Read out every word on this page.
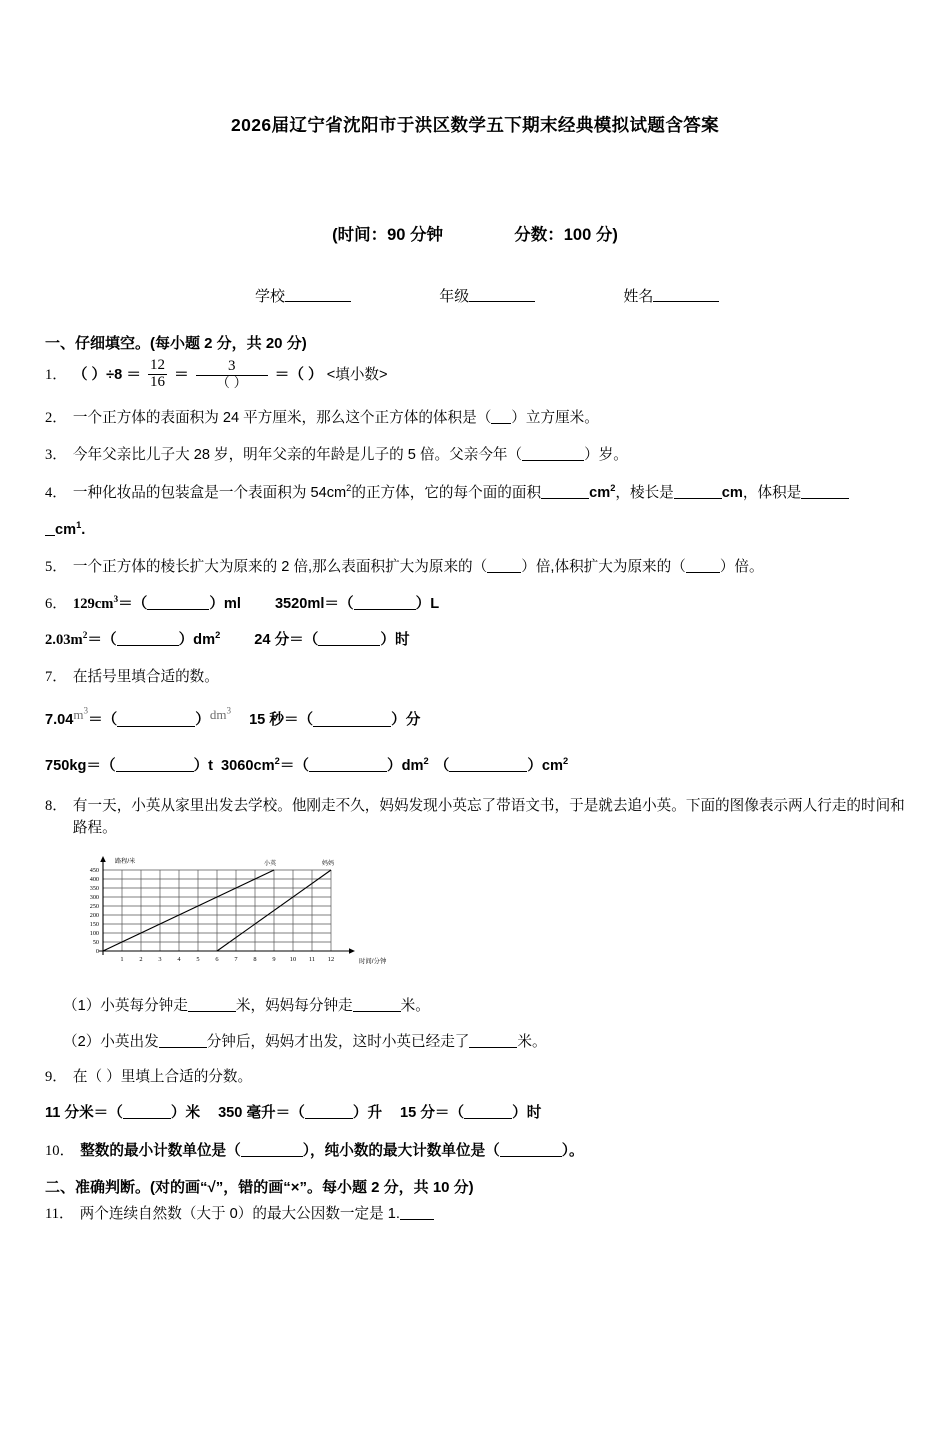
2026届辽宁省沈阳市于洪区数学五下期末经典模拟试题含答案
(时间：90 分钟	分数：100 分)
学校	年级	姓名
一、仔细填空。(每小题 2 分，共 20 分)
1． （ ）$\div 8 = \frac{12}{16} = \frac{3}{( )}$ ＝（ ） <填小数>
2． 一个正方体的表面积为 24 平方厘米，那么这个正方体的体积是（ ）立方厘米。
3． 今年父亲比儿子大 28 岁，明年父亲的年龄是儿子的 5 倍。父亲今年（	）岁。
4． 一种化妆品的包装盒是一个表面积为 $54cm^2$的正方体，它的每个面的面积	$cm^2$，棱长是	cm，体积是
$cm^1$.
5． 一个正方体的棱长扩大为原来的 2 倍,那么表面积扩大为原来的（ ）倍,体积扩大为原来的（ ）倍。
6． $129cm^3=$（	）ml 3520ml＝（	）L
$2.03m^2=$（	）$dm^2$ 24 分＝（	）时
7． 在括号里填合适的数。
$7.04m^3=$（	）$dm^315$ 秒＝（	）分
750kg＝（	）t $3060cm^2=$（	）$dm^2$ （	）$cm^2$
8． 有一天，小英从家里出发去学校。他刚走不久，妈妈发现小英忘了带语文书，于是就去追小英。下面的图像表示两人行走的时间和路程。
0
50
100
150
200
250
300
350
400
450
1 2 3 4 5 6 7 8 9 10 11 12
路程/米
时间/分钟
小英	妈妈
（1）小英每分钟走	米，妈妈每分钟走	米。
（2）小英出发	分钟后，妈妈才出发，这时小英已经走了	米。
9． 在（ ）里填上合适的分数。
11 分米＝（	）米 350 毫升＝（	）升 15 分＝（	）时
10． 整数的最小计数单位是（	），纯小数的最大计数单位是（	）。
二、准确判断。(对的画“√”，错的画“×”。每小题 2 分，共 10 分)
11． 两个连续自然数（大于 0）的最大公因数一定是 1.
